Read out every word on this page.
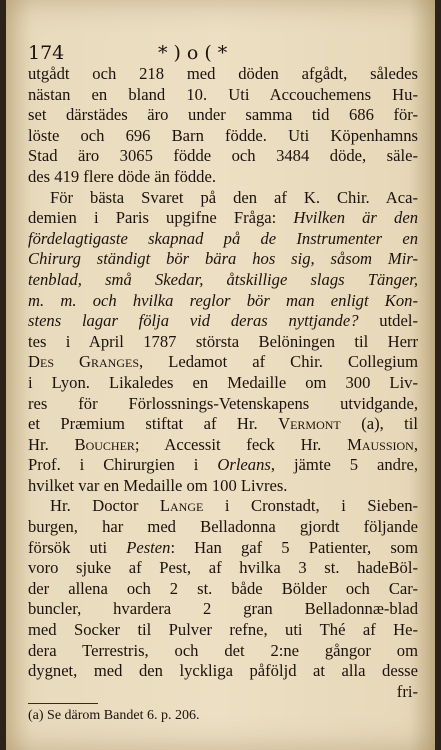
174	*)o(*
utgådt och 218 med döden afgådt, således
nästan en bland 10. Uti Accouchemens Hu-
set därstädes äro under samma tid 686 för-
löste och 696 Barn födde. Uti Köpenhamns
Stad äro 3065 födde och 3484 döde, säle-
des 419 flere döde än födde.
För bästa Svaret på den af K. Chir. Aca-
demien i Paris upgifne Fråga: Hvilken är den
fördelagtigaste skapnad på de Instrumenter en
Chirurg ständigt bör bära hos sig, såsom Mir-
tenblad, små Skedar, åtskillige slags Tänger,
m. m. och hvilka reglor bör man enligt Kon-
stens lagar följa vid deras nyttjande? utdel-
tes i April 1787 största Belöningen til Herr
Des Granges, Ledamot af Chir. Collegium
i Lyon. Likaledes en Medaille om 300 Liv-
res för Förlossnings-Vetenskapens utvidgande,
et Præmium stiftat af Hr. Vermont (a), til
Hr. Boucher; Accessit feck Hr. Maussion,
Prof. i Chirurgien i Orleans, jämte 5 andre,
hvilket var en Medaille om 100 Livres.
Hr. Doctor Lange i Cronstadt, i Sieben-
burgen, har med Belladonna gjordt följande
försök uti Pesten: Han gaf 5 Patienter, som
voro sjuke af Pest, af hvilka 3 st. hadeBöl-
der allena och 2 st. både Bölder och Car-
buncler, hvardera 2 gran Belladonnæ-blad
med Socker til Pulver refne, uti Thé af He-
dera Terrestris, och det 2:ne gångor om
dygnet, med den lyckliga påföljd at alla desse
fri-
(a) Se därom Bandet 6. p. 206.
